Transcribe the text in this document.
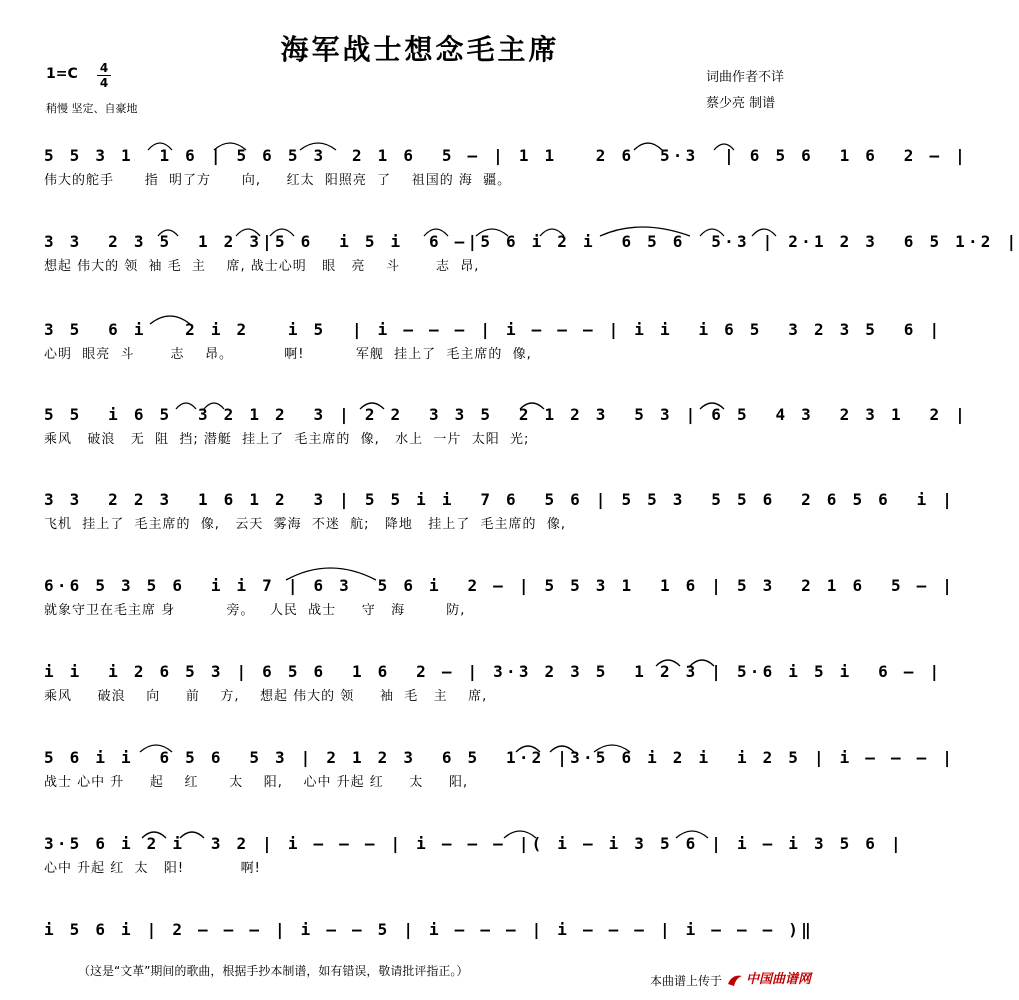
海军战士想念毛主席
1=C 4
4
稍慢 坚定、自豪地
词曲作者不详
蔡少亮 制谱
5 5 3 1  1 6 | 5 6 5 3  2 1 6  5 – | 1 1   2 6  5·3  | 6 5 6  1 6  2 – |
伟大的舵手      指  明了方      向,     红太  阳照亮  了    祖国的 海  疆。
3 3  2 3 5  1 2 3|5 6  i 5 i  6 –|5 6 i 2 i  6 5 6  5·3 | 2·1 2 3  6 5 1·2 |
想起 伟大的 领  袖 毛  主    席, 战士心明   眼   亮    斗       志  昂,
3 5  6 i   2 i 2   i 5  | i – – – | i – – – | i i  i 6 5  3 2 3 5  6 |
心明  眼亮  斗       志    昂。          啊!          军舰  挂上了  毛主席的  像,
5 5  i 6 5  3 2 1 2  3 | 2 2  3 3 5  2 1 2 3  5 3 | 6 5  4 3  2 3 1  2 |
乘风   破浪   无  阻  挡; 潜艇  挂上了  毛主席的  像,   水上  一片  太阳  光;
3 3  2 2 3  1 6 1 2  3 | 5 5 i i  7 6  5 6 | 5 5 3  5 5 6  2 6 5 6  i |
飞机  挂上了  毛主席的  像,   云天  雾海  不迷  航;   降地   挂上了  毛主席的  像,
6·6 5 3 5 6  i i 7 | 6 3  5 6 i  2 – | 5 5 3 1  1 6 | 5 3  2 1 6  5 – |
就象守卫在毛主席 身          旁。   人民  战士     守   海        防,
i i  i 2 6 5 3 | 6 5 6  1 6  2 – | 3·3 2 3 5  1 2 3 | 5·6 i 5 i  6 – |
乘风     破浪    向     前    方,    想起 伟大的 领     袖  毛   主    席,
5 6 i i  6 5 6  5 3 | 2 1 2 3  6 5  1·2 |3·5 6 i 2 i  i 2 5 | i – – – |
战士 心中 升     起    红      太    阳,    心中 升起 红     太     阳,
3·5 6 i 2 i  3 2 | i – – – | i – – – |( i – i 3 5 6 | i – i 3 5 6 |
心中 升起 红  太   阳!           啊!
i 5 6 i | 2 – – – | i – – 5 | i – – – | i – – – | i – – – )‖
（这是“文革”期间的歌曲，根据手抄本制谱，如有错误，敬请批评指正。）
本曲谱上传于	中国曲谱网
